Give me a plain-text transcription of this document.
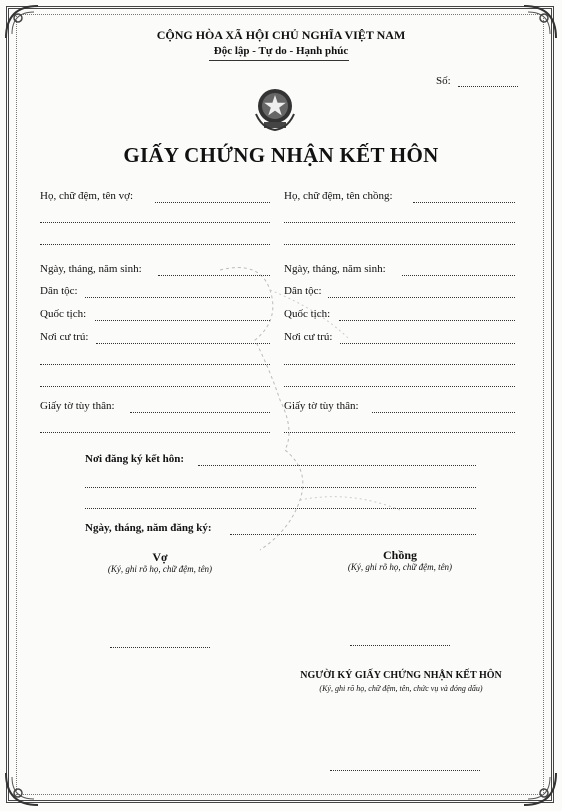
CỘNG HÒA XÃ HỘI CHỦ NGHĨA VIỆT NAM
Độc lập - Tự do - Hạnh phúc
Số:
GIẤY CHỨNG NHẬN KẾT HÔN
Họ, chữ đệm, tên vợ:
Ngày, tháng, năm sinh:
Dân tộc:
Quốc tịch:
Nơi cư trú:
Giấy tờ tùy thân:
Họ, chữ đệm, tên chồng:
Ngày, tháng, năm sinh:
Dân tộc:
Quốc tịch:
Nơi cư trú:
Giấy tờ tùy thân:
Nơi đăng ký kết hôn:
Ngày, tháng, năm đăng ký:
Vợ
(Ký, ghi rõ họ, chữ đệm, tên)
Chồng
(Ký, ghi rõ họ, chữ đệm, tên)
NGƯỜI KÝ GIẤY CHỨNG NHẬN KẾT HÔN
(Ký, ghi rõ họ, chữ đệm, tên, chức vụ và đóng dấu)
